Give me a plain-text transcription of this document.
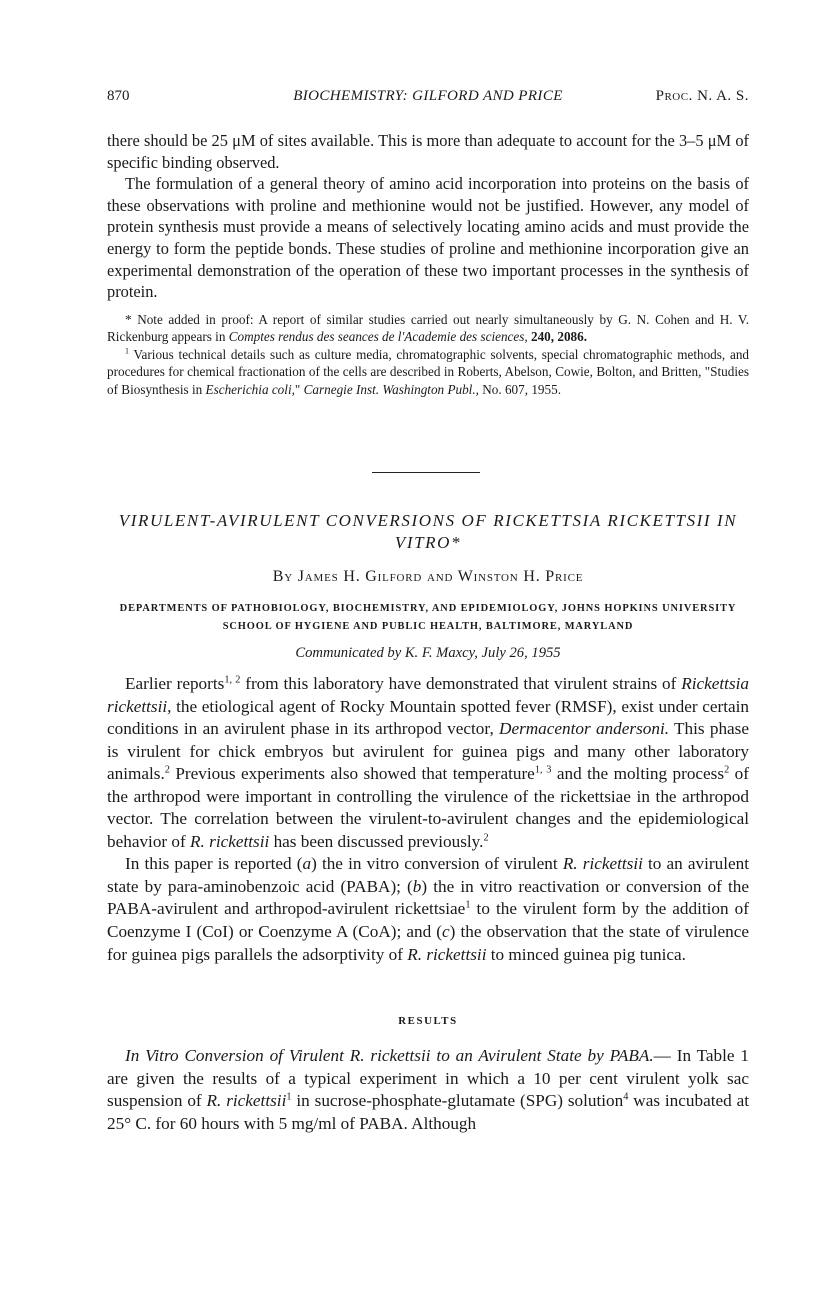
870	BIOCHEMISTRY: GILFORD AND PRICE	Proc. N. A. S.

there should be 25 μM of sites available. This is more than adequate to account for the 3–5 μM of specific binding observed.

The formulation of a general theory of amino acid incorporation into proteins on the basis of these observations with proline and methionine would not be justified. However, any model of protein synthesis must provide a means of selectively locating amino acids and must provide the energy to form the peptide bonds. These studies of proline and methionine incorporation give an experimental demonstration of the operation of these two important processes in the synthesis of protein.

* Note added in proof: A report of similar studies carried out nearly simultaneously by G. N. Cohen and H. V. Rickenburg appears in Comptes rendus des seances de l'Academie des sciences, 240, 2086.

$^1$ Various technical details such as culture media, chromatographic solvents, special chromatographic methods, and procedures for chemical fractionation of the cells are described in Roberts, Abelson, Cowie, Bolton, and Britten, "Studies of Biosynthesis in Escherichia coli," Carnegie Inst. Washington Publ., No. 607, 1955.

VIRULENT-AVIRULENT CONVERSIONS OF RICKETTSIA RICKETTSII IN VITRO*
By James H. Gilford and Winston H. Price
DEPARTMENTS OF PATHOBIOLOGY, BIOCHEMISTRY, AND EPIDEMIOLOGY, JOHNS HOPKINS UNIVERSITY
SCHOOL OF HYGIENE AND PUBLIC HEALTH, BALTIMORE, MARYLAND
Communicated by K. F. Maxcy, July 26, 1955

Earlier reports$^{1, 2}$ from this laboratory have demonstrated that virulent strains of Rickettsia rickettsii, the etiological agent of Rocky Mountain spotted fever (RMSF), exist under certain conditions in an avirulent phase in its arthropod vector, Dermacentor andersoni. This phase is virulent for chick embryos but avirulent for guinea pigs and many other laboratory animals.$^2$ Previous experiments also showed that temperature$^{1, 3}$ and the molting process$^2$ of the arthropod were important in controlling the virulence of the rickettsiae in the arthropod vector. The correlation between the virulent-to-avirulent changes and the epidemiological behavior of R. rickettsii has been discussed previously.$^2$

In this paper is reported (a) the in vitro conversion of virulent R. rickettsii to an avirulent state by para-aminobenzoic acid (PABA); (b) the in vitro reactivation or conversion of the PABA-avirulent and arthropod-avirulent rickettsiae$^1$ to the virulent form by the addition of Coenzyme I (CoI) or Coenzyme A (CoA); and (c) the observation that the state of virulence for guinea pigs parallels the adsorptivity of R. rickettsii to minced guinea pig tunica.

RESULTS

In Vitro Conversion of Virulent R. rickettsii to an Avirulent State by PABA.— In Table 1 are given the results of a typical experiment in which a 10 per cent virulent yolk sac suspension of R. rickettsii$^1$ in sucrose-phosphate-glutamate (SPG) solution$^4$ was incubated at 25° C. for 60 hours with 5 mg/ml of PABA. Although
